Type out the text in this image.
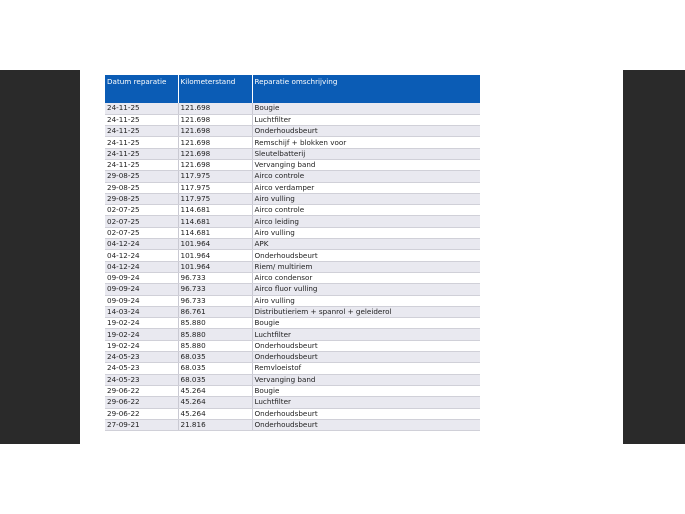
Datum reparatie	Kilometerstand	Reparatie omschrijving
24-11-25	121.698	Bougie
24-11-25	121.698	Luchtfilter
24-11-25	121.698	Onderhoudsbeurt
24-11-25	121.698	Remschijf + blokken voor
24-11-25	121.698	Sleutelbatterij
24-11-25	121.698	Vervanging band
29-08-25	117.975	Airco controle
29-08-25	117.975	Airco verdamper
29-08-25	117.975	Airo vulling
02-07-25	114.681	Airco controle
02-07-25	114.681	Airco leiding
02-07-25	114.681	Airo vulling
04-12-24	101.964	APK
04-12-24	101.964	Onderhoudsbeurt
04-12-24	101.964	Riem/ multiriem
09-09-24	96.733	Airco condensor
09-09-24	96.733	Airco fluor vulling
09-09-24	96.733	Airo vulling
14-03-24	86.761	Distributieriem + spanrol + geleiderol
19-02-24	85.880	Bougie
19-02-24	85.880	Luchtfilter
19-02-24	85.880	Onderhoudsbeurt
24-05-23	68.035	Onderhoudsbeurt
24-05-23	68.035	Remvloeistof
24-05-23	68.035	Vervanging band
29-06-22	45.264	Bougie
29-06-22	45.264	Luchtfilter
29-06-22	45.264	Onderhoudsbeurt
27-09-21	21.816	Onderhoudsbeurt
